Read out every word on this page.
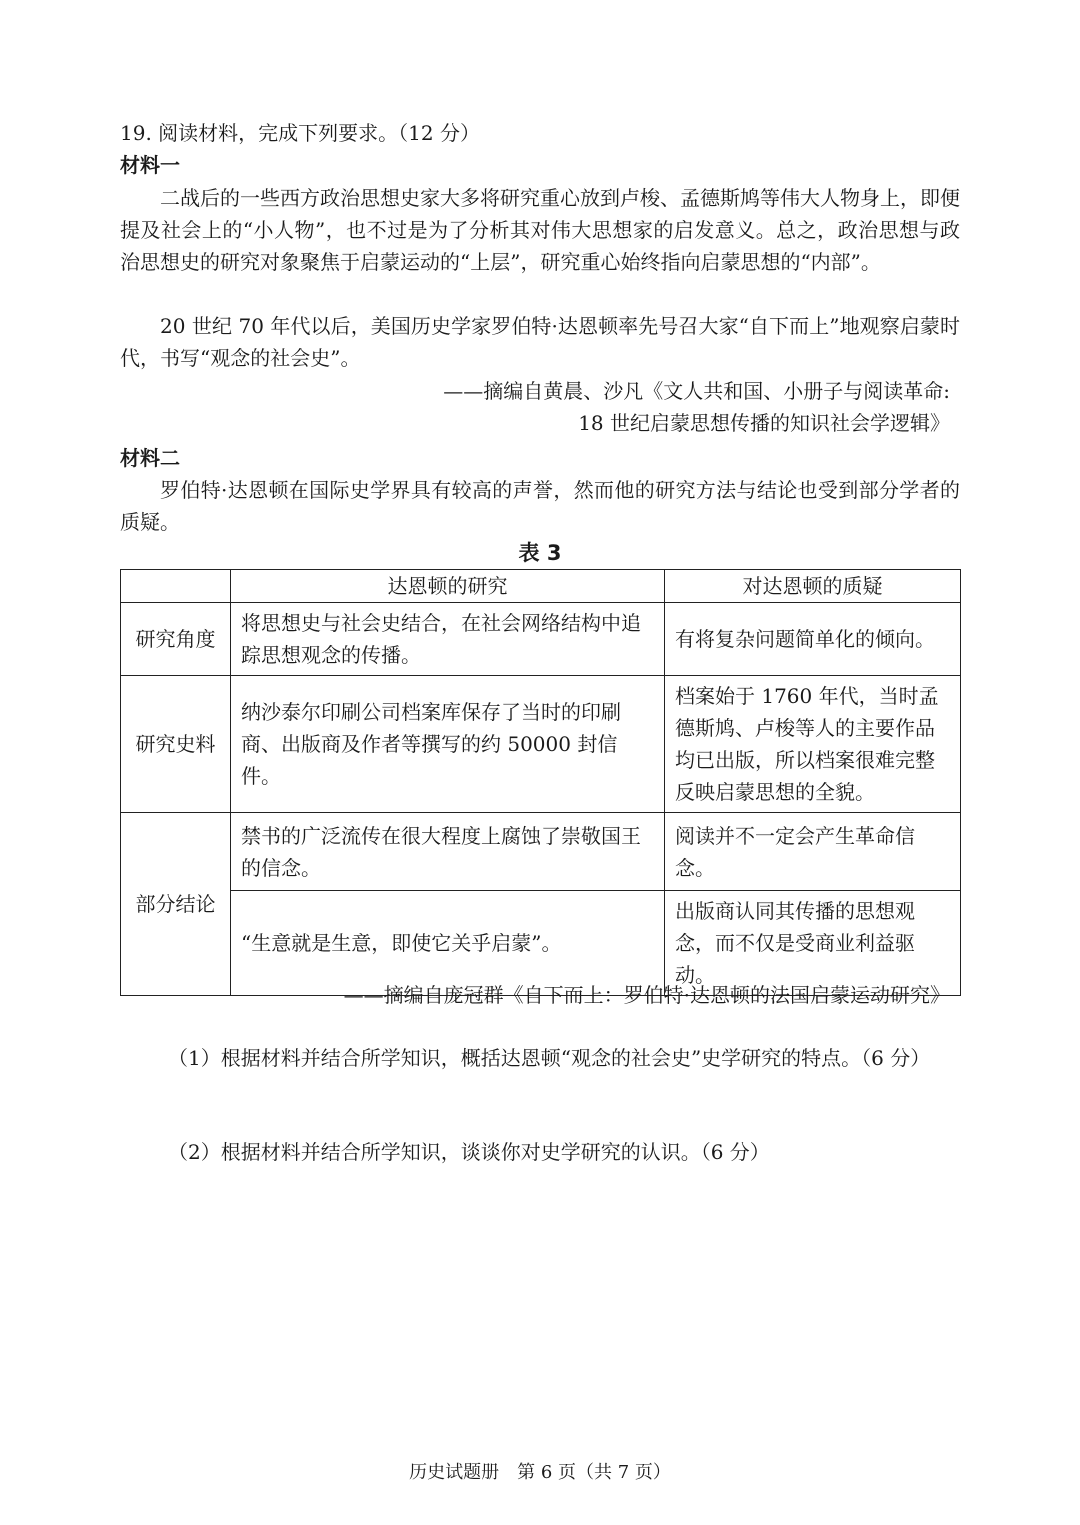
19. 阅读材料，完成下列要求。（12 分）
材料一
二战后的一些西方政治思想史家大多将研究重心放到卢梭、孟德斯鸠等伟大人物身上，即便提及社会上的“小人物”，也不过是为了分析其对伟大思想家的启发意义。总之，政治思想与政治思想史的研究对象聚焦于启蒙运动的“上层”，研究重心始终指向启蒙思想的“内部”。
20 世纪 70 年代以后，美国历史学家罗伯特·达恩顿率先号召大家“自下而上”地观察启蒙时代，书写“观念的社会史”。
——摘编自黄晨、沙凡《文人共和国、小册子与阅读革命:
18 世纪启蒙思想传播的知识社会学逻辑》
材料二
罗伯特·达恩顿在国际史学界具有较高的声誉，然而他的研究方法与结论也受到部分学者的质疑。
表 3
	达恩顿的研究	对达恩顿的质疑
研究角度	将思想史与社会史结合，在社会网络结构中追踪思想观念的传播。	有将复杂问题简单化的倾向。
研究史料	纳沙泰尔印刷公司档案库保存了当时的印刷商、出版商及作者等撰写的约 50000 封信件。	档案始于 1760 年代，当时孟德斯鸠、卢梭等人的主要作品均已出版，所以档案很难完整反映启蒙思想的全貌。
部分结论	禁书的广泛流传在很大程度上腐蚀了崇敬国王的信念。	阅读并不一定会产生革命信念。
	“生意就是生意，即使它关乎启蒙”。	出版商认同其传播的思想观念，而不仅是受商业利益驱动。
——摘编自庞冠群《自下而上：罗伯特·达恩顿的法国启蒙运动研究》
（1）根据材料并结合所学知识，概括达恩顿“观念的社会史”史学研究的特点。（6 分）
（2）根据材料并结合所学知识，谈谈你对史学研究的认识。（6 分）
历史试题册　第 6 页（共 7 页）
